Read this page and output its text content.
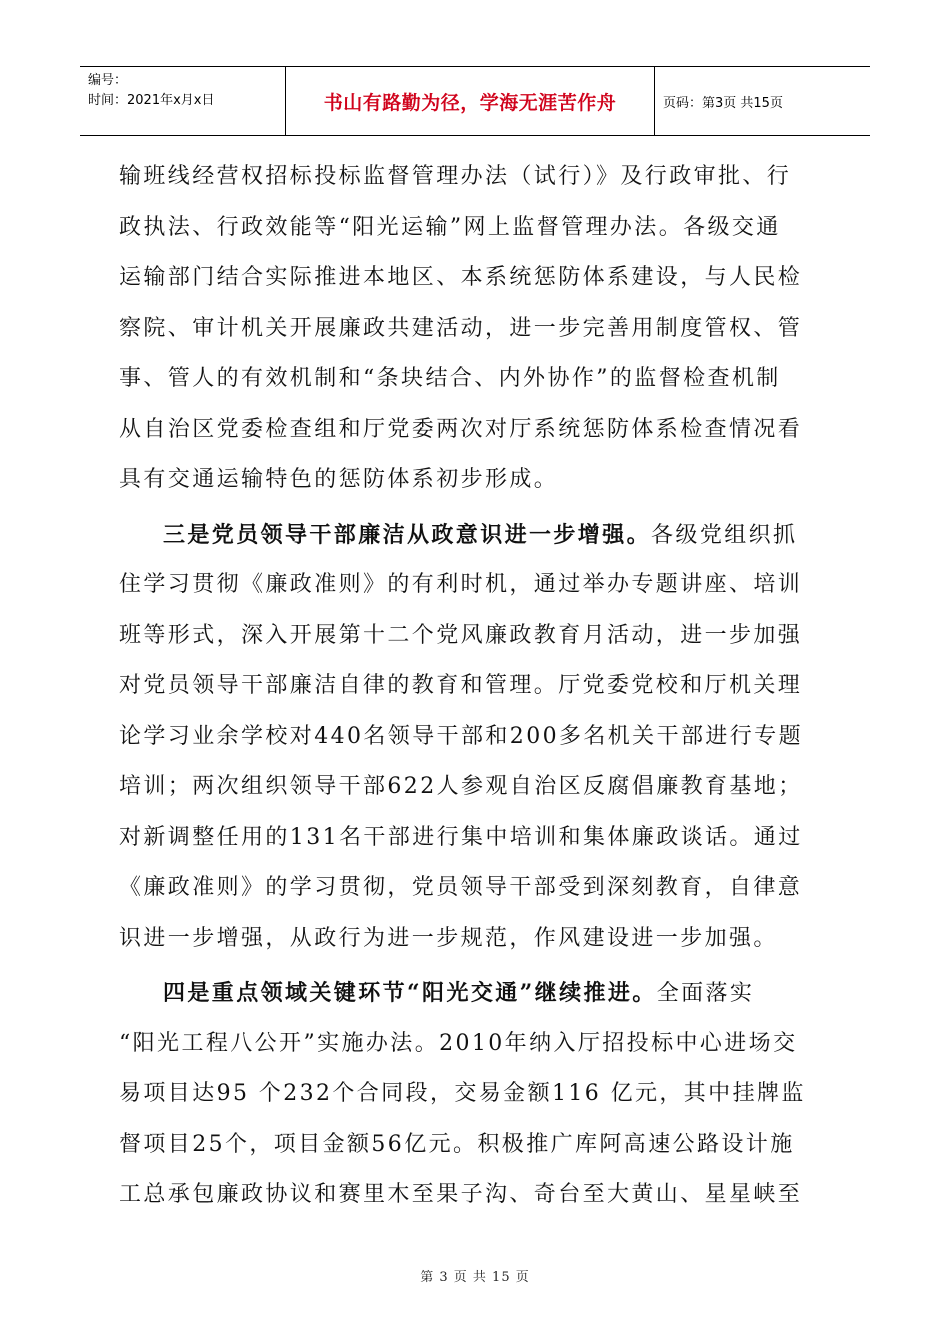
编号：
时间：2021年x月x日	书山有路勤为径，学海无涯苦作舟	页码：第3页 共15页
输班线经营权招标投标监督管理办法（试行）》及行政审批、行
政执法、行政效能等“阳光运输”网上监督管理办法。各级交通
运输部门结合实际推进本地区、本系统惩防体系建设，与人民检
察院、审计机关开展廉政共建活动，进一步完善用制度管权、管
事、管人的有效机制和“条块结合、内外协作”的监督检查机制
从自治区党委检查组和厅党委两次对厅系统惩防体系检查情况看
具有交通运输特色的惩防体系初步形成。
三是党员领导干部廉洁从政意识进一步增强。各级党组织抓
住学习贯彻《廉政准则》的有利时机，通过举办专题讲座、培训
班等形式，深入开展第十二个党风廉政教育月活动，进一步加强
对党员领导干部廉洁自律的教育和管理。厅党委党校和厅机关理
论学习业余学校对440名领导干部和200多名机关干部进行专题
培训；两次组织领导干部622人参观自治区反腐倡廉教育基地；
对新调整任用的131名干部进行集中培训和集体廉政谈话。通过
《廉政准则》的学习贯彻，党员领导干部受到深刻教育，自律意
识进一步增强，从政行为进一步规范，作风建设进一步加强。
四是重点领域关键环节“阳光交通”继续推进。全面落实
“阳光工程八公开”实施办法。2010年纳入厅招投标中心进场交
易项目达95 个232个合同段，交易金额116 亿元，其中挂牌监
督项目25个，项目金额56亿元。积极推广库阿高速公路设计施
工总承包廉政协议和赛里木至果子沟、奇台至大黄山、星星峡至
第 3 页 共 15 页
